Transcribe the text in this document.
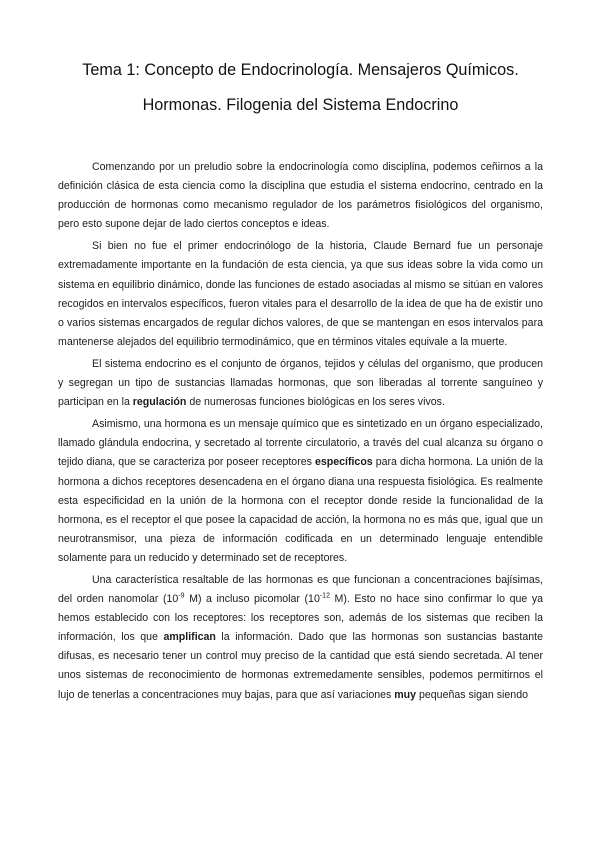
Tema 1: Concepto de Endocrinología. Mensajeros Químicos.
Hormonas. Filogenia del Sistema Endocrino

Comenzando por un preludio sobre la endocrinología como disciplina, podemos ceñirnos a la definición clásica de esta ciencia como la disciplina que estudia el sistema endocrino, centrado en la producción de hormonas como mecanismo regulador de los parámetros fisiológicos del organismo, pero esto supone dejar de lado ciertos conceptos e ideas.

Si bien no fue el primer endocrinólogo de la historia, Claude Bernard fue un personaje extremadamente importante en la fundación de esta ciencia, ya que sus ideas sobre la vida como un sistema en equilibrio dinámico, donde las funciones de estado asociadas al mismo se sitúan en valores recogidos en intervalos específicos, fueron vitales para el desarrollo de la idea de que ha de existir uno o varios sistemas encargados de regular dichos valores, de que se mantengan en esos intervalos para mantenerse alejados del equilibrio termodinámico, que en términos vitales equivale a la muerte.

El sistema endocrino es el conjunto de órganos, tejidos y células del organismo, que producen y segregan un tipo de sustancias llamadas hormonas, que son liberadas al torrente sanguíneo y participan en la regulación de numerosas funciones biológicas en los seres vivos.

Asimismo, una hormona es un mensaje químico que es sintetizado en un órgano especializado, llamado glándula endocrina, y secretado al torrente circulatorio, a través del cual alcanza su órgano o tejido diana, que se caracteriza por poseer receptores específicos para dicha hormona. La unión de la hormona a dichos receptores desencadena en el órgano diana una respuesta fisiológica. Es realmente esta especificidad en la unión de la hormona con el receptor donde reside la funcionalidad de la hormona, es el receptor el que posee la capacidad de acción, la hormona no es más que, igual que un neurotransmisor, una pieza de información codificada en un determinado lenguaje entendible solamente para un reducido y determinado set de receptores.

Una característica resaltable de las hormonas es que funcionan a concentraciones bajísimas, del orden nanomolar ($10^{-9}$ M) a incluso picomolar ($10^{-12}$ M). Esto no hace sino confirmar lo que ya hemos establecido con los receptores: los receptores son, además de los sistemas que reciben la información, los que amplifican la información. Dado que las hormonas son sustancias bastante difusas, es necesario tener un control muy preciso de la cantidad que está siendo secretada. Al tener unos sistemas de reconocimiento de hormonas extremedamente sensibles, podemos permitirnos el lujo de tenerlas a concentraciones muy bajas, para que así variaciones muy pequeñas sigan siendo
